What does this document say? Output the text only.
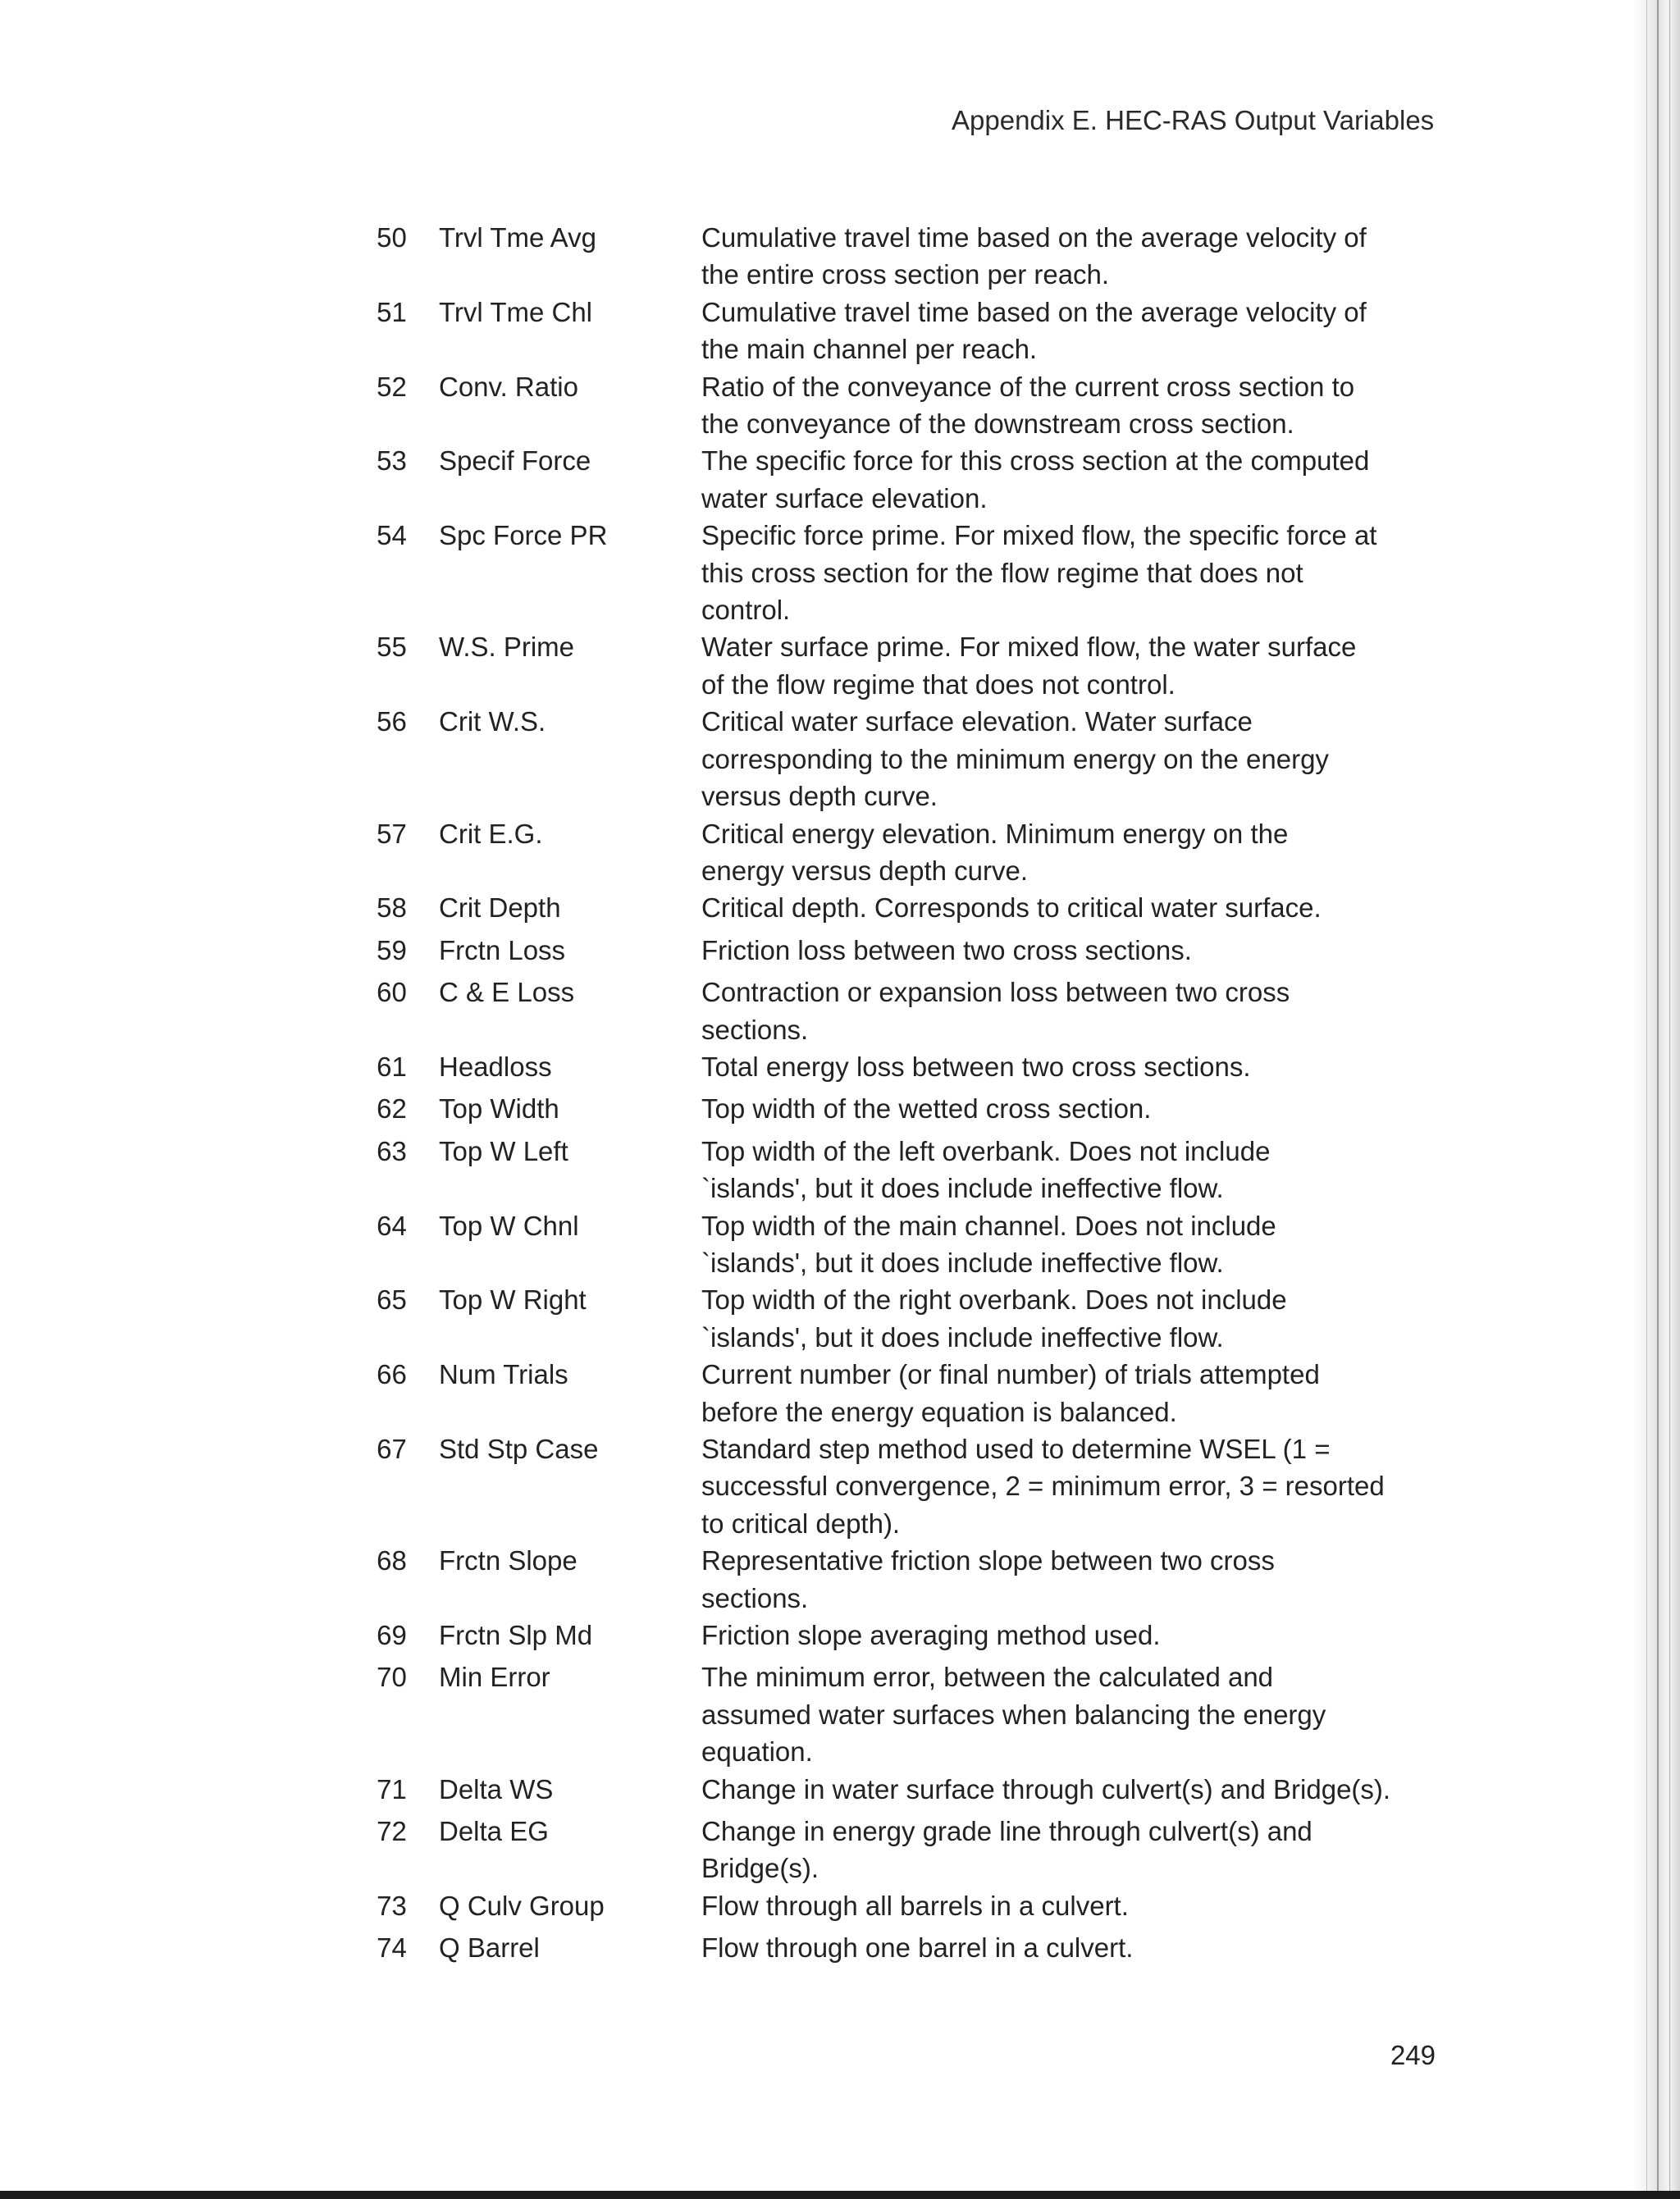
Appendix E. HEC-RAS Output Variables
50	Trvl Tme Avg	Cumulative travel time based on the average velocity of
the entire cross section per reach.
51	Trvl Tme Chl	Cumulative travel time based on the average velocity of
the main channel per reach.
52	Conv. Ratio	Ratio of the conveyance of the current cross section to
the conveyance of the downstream cross section.
53	Specif Force	The specific force for this cross section at the computed
water surface elevation.
54	Spc Force PR	Specific force prime. For mixed flow, the specific force at
this cross section for the flow regime that does not
control.
55	W.S. Prime	Water surface prime. For mixed flow, the water surface
of the flow regime that does not control.
56	Crit W.S.	Critical water surface elevation. Water surface
corresponding to the minimum energy on the energy
versus depth curve.
57	Crit E.G.	Critical energy elevation. Minimum energy on the
energy versus depth curve.
58	Crit Depth	Critical depth. Corresponds to critical water surface.
59	Frctn Loss	Friction loss between two cross sections.
60	C & E Loss	Contraction or expansion loss between two cross
sections.
61	Headloss	Total energy loss between two cross sections.
62	Top Width	Top width of the wetted cross section.
63	Top W Left	Top width of the left overbank. Does not include
`islands', but it does include ineffective flow.
64	Top W Chnl	Top width of the main channel. Does not include
`islands', but it does include ineffective flow.
65	Top W Right	Top width of the right overbank. Does not include
`islands', but it does include ineffective flow.
66	Num Trials	Current number (or final number) of trials attempted
before the energy equation is balanced.
67	Std Stp Case	Standard step method used to determine WSEL (1 =
successful convergence, 2 = minimum error, 3 = resorted
to critical depth).
68	Frctn Slope	Representative friction slope between two cross
sections.
69	Frctn Slp Md	Friction slope averaging method used.
70	Min Error	The minimum error, between the calculated and
assumed water surfaces when balancing the energy
equation.
71	Delta WS	Change in water surface through culvert(s) and Bridge(s).
72	Delta EG	Change in energy grade line through culvert(s) and
Bridge(s).
73	Q Culv Group	Flow through all barrels in a culvert.
74	Q Barrel	Flow through one barrel in a culvert.
249
